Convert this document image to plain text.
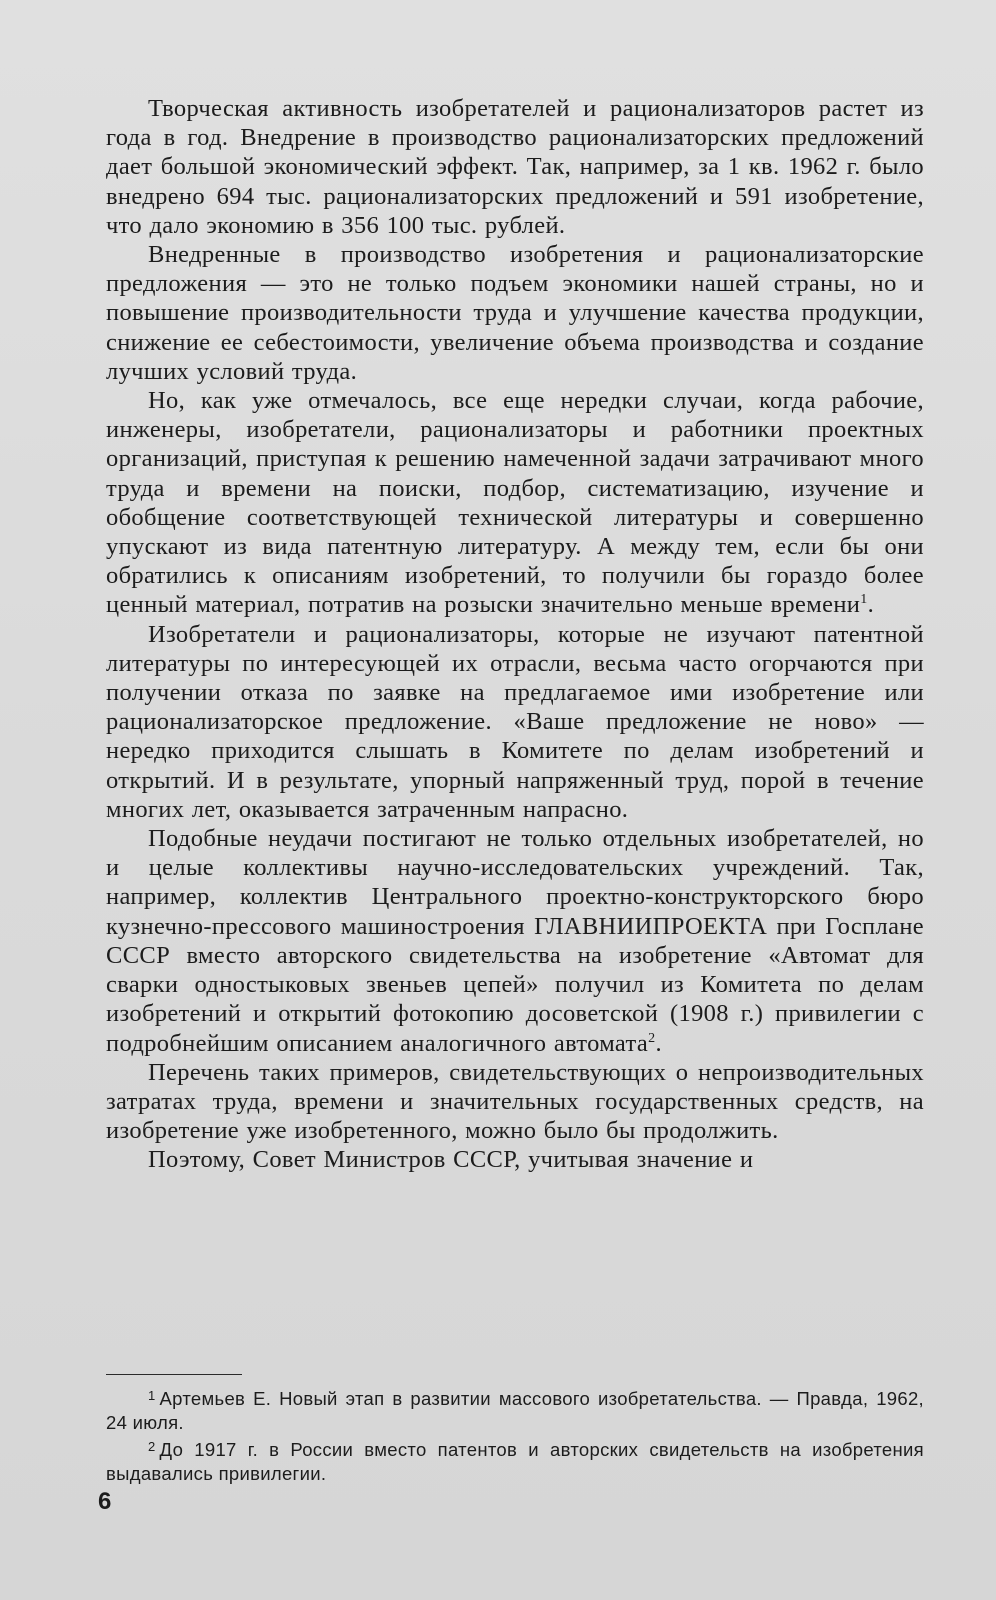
Творческая активность изобретателей и рационализаторов растет из года в год. Внедрение в производство рационализаторских предложений дает большой экономический эффект. Так, например, за 1 кв. 1962 г. было внедрено 694 тыс. рационализаторских предложений и 591 изобретение, что дало экономию в 356 100 тыс. рублей.

Внедренные в производство изобретения и рационализаторские предложения — это не только подъем экономики нашей страны, но и повышение производительности труда и улучшение качества продукции, снижение ее себестоимости, увеличение объема производства и создание лучших условий труда.

Но, как уже отмечалось, все еще нередки случаи, когда рабочие, инженеры, изобретатели, рационализаторы и работники проектных организаций, приступая к решению намеченной задачи затрачивают много труда и времени на поиски, подбор, систематизацию, изучение и обобщение соответствующей технической литературы и совершенно упускают из вида патентную литературу. А между тем, если бы они обратились к описаниям изобретений, то получили бы гораздо более ценный материал, потратив на розыски значительно меньше времени$^1$.

Изобретатели и рационализаторы, которые не изучают патентной литературы по интересующей их отрасли, весьма часто огорчаются при получении отказа по заявке на предлагаемое ими изобретение или рационализаторское предложение. «Ваше предложение не ново» — нередко приходится слышать в Комитете по делам изобретений и открытий. И в результате, упорный напряженный труд, порой в течение многих лет, оказывается затраченным напрасно.

Подобные неудачи постигают не только отдельных изобретателей, но и целые коллективы научно-исследовательских учреждений. Так, например, коллектив Центрального проектно-конструкторского бюро кузнечно-прессового машиностроения ГЛАВНИИПРОЕКТА при Госплане СССР вместо авторского свидетельства на изобретение «Автомат для сварки одностыковых звеньев цепей» получил из Комитета по делам изобретений и открытий фотокопию досоветской (1908 г.) привилегии с подробнейшим описанием аналогичного автомата$^2$.

Перечень таких примеров, свидетельствующих о непроизводительных затратах труда, времени и значительных государственных средств, на изобретение уже изобретенного, можно было бы продолжить.

Поэтому, Совет Министров СССР, учитывая значение и

$^1$ Артемьев Е. Новый этап в развитии массового изобретательства. — Правда, 1962, 24 июля.

$^2$ До 1917 г. в России вместо патентов и авторских свидетельств на изобретения выдавались привилегии.

6
